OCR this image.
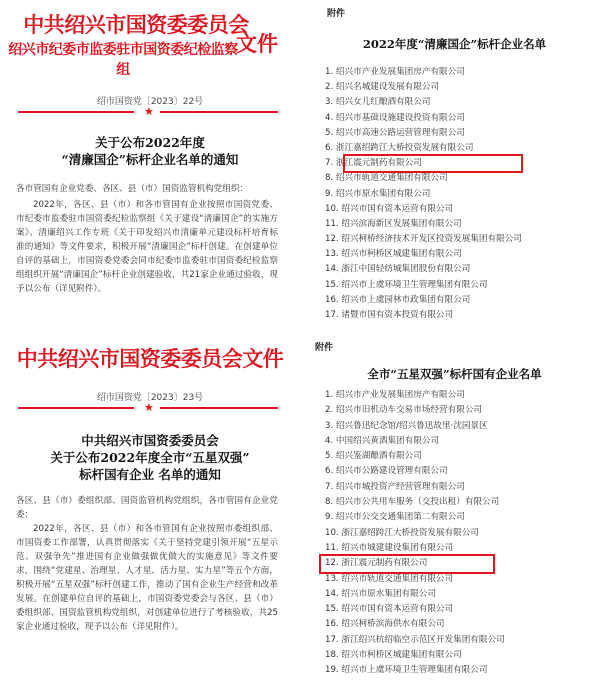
中共绍兴市国资委委员会
绍兴市纪委市监委驻市国资委纪检监察组
文件
绍市国资党〔2023〕22号
★
关于公布2022年度
“清廉国企”标杆企业名单的通知
各市管国有企业党委、各区、县（市）国资监管机构党组织：
2022年，各区、县（市）和各市管国有企业按照市国资党委、市纪委市监委驻市国资委纪检监察组《关于建设“清廉国企”的实施方案》、清廉绍兴工作专班《关于印发绍兴市清廉单元建设标杆培育标准的通知》等文件要求，积极开展“清廉国企”标杆创建。在创建单位自评的基础上，市国资委党委会同市纪委市监委驻市国资委纪检监察组组织开展“清廉国企”标杆企业创建验收，共21家企业通过验收，现予以公布（详见附件）。
附件
2022年度“清廉国企”标杆企业名单
1. 绍兴市产业发展集团房产有限公司
2. 绍兴名城建设发展有限公司
3. 绍兴女儿红酿酒有限公司
4. 绍兴市基础设施建设投资有限公司
5. 绍兴市高速公路运营管理有限公司
6. 浙江嘉绍跨江大桥投资发展有限公司
7. 浙江震元制药有限公司
8. 绍兴市轨道交通集团有限公司
9. 绍兴市原水集团有限公司
10. 绍兴市国有资本运营有限公司
11. 绍兴滨海新区发展集团有限公司
12. 绍兴柯桥经济技术开发区投资发展集团有限公司
13. 绍兴市柯桥区城建集团有限公司
14. 浙江中国轻纺城集团股份有限公司
15. 绍兴市上虞环境卫生管理集团有限公司
16. 绍兴市上虞园林市政集团有限公司
17. 诸暨市国有资本投资有限公司
中共绍兴市国资委委员会文件
绍市国资党〔2023〕23号
★
中共绍兴市国资委委员会
关于公布2022年度全市“五星双强”
标杆国有企业 名单的通知
各区、县（市）委组织部、国资监管机构党组织，各市管国有企业党委：
2022年，各区、县（市）和各市管国有企业按照市委组织部、市国资委工作部署，认真贯彻落实《关于坚持党建引领开展“五星示范、双强争先”推进国有企业做强做优做大的实施意见》等文件要求，围绕“党建星、治理星、人才星、活力星、实力星”等五个方面，积极开展“五星双强”标杆创建工作，推动了国有企业生产经营和改革发展。在创建单位自评的基础上，市国资委党委会与各区、县（市）委组织部、国资监管机构党组织，对创建单位进行了考核验收，共25家企业通过验收，现予以公布（详见附件）。
附件
全市“五星双强”标杆国有企业名单
1. 绍兴市产业发展集团房产有限公司
2. 绍兴市旧机动车交易市场经营有限公司
3. 绍兴鲁迅纪念馆/绍兴鲁迅故里·沈园景区
4. 中国绍兴黄酒集团有限公司
5. 绍兴鉴湖酿酒有限公司
6. 绍兴市公路建设管理有限公司
7. 绍兴市城投资产经营管理有限公司
8. 绍兴市公共用车服务（交投出租）有限公司
9. 绍兴市公交交通集团第二有限公司
10. 浙江嘉绍跨江大桥投资发展有限公司
11. 绍兴市城建建设集团有限公司
12. 浙江震元制药有限公司
13. 绍兴市轨道交通集团有限公司
14. 绍兴市原水集团有限公司
15. 绍兴市国有资本运营有限公司
16. 绍兴柯桥滨海供水有限公司
17. 浙江绍兴杭绍临空示范区开发集团有限公司
18. 绍兴市柯桥区城建集团有限公司
19. 绍兴市上虞环境卫生管理集团有限公司
